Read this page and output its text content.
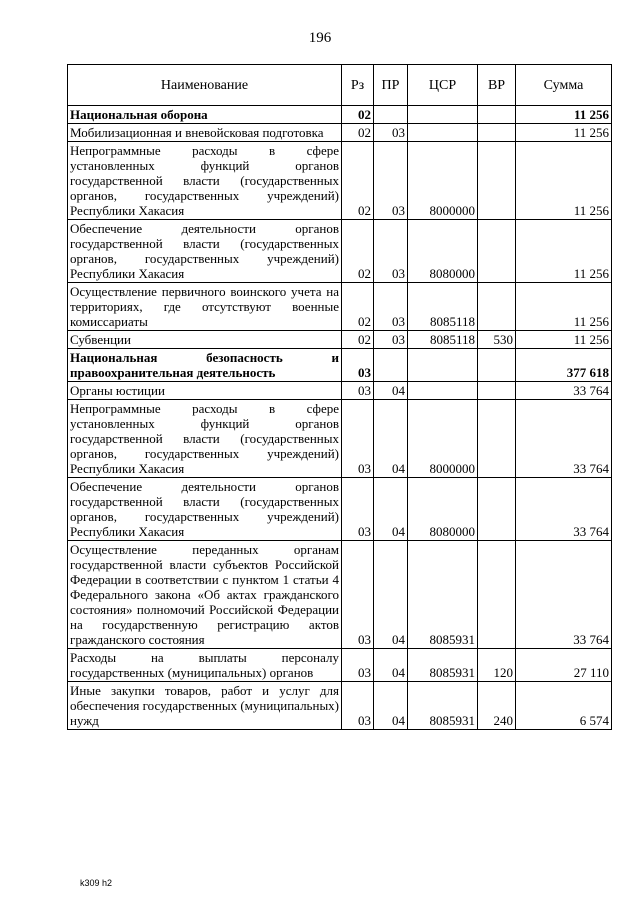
196
Наименование	Рз	ПР	ЦСР	ВР	Сумма
Национальная оборона	02				11 256
Мобилизационная и вневойсковая подготовка	02	03			11 256
Непрограммные расходы в сфере установленных функций органов государственной власти (государственных органов, государственных учреждений) Республики Хакасия	02	03	8000000		11 256
Обеспечение деятельности органов государственной власти (государственных органов, государственных учреждений) Республики Хакасия	02	03	8080000		11 256
Осуществление первичного воинского учета на территориях, где отсутствуют военные комиссариаты	02	03	8085118		11 256
Субвенции	02	03	8085118	530	11 256
Национальная безопасность и правоохранительная деятельность	03				377 618
Органы юстиции	03	04			33 764
Непрограммные расходы в сфере установленных функций органов государственной власти (государственных органов, государственных учреждений) Республики Хакасия	03	04	8000000		33 764
Обеспечение деятельности органов государственной власти (государственных органов, государственных учреждений) Республики Хакасия	03	04	8080000		33 764
Осуществление переданных органам государственной власти субъектов Российской Федерации в соответствии с пунктом 1 статьи 4 Федерального закона «Об актах гражданского состояния» полномочий Российской Федерации на государственную регистрацию актов гражданского состояния	03	04	8085931		33 764
Расходы на выплаты персоналу государственных (муниципальных) органов	03	04	8085931	120	27 110
Иные закупки товаров, работ и услуг для обеспечения государственных (муниципальных) нужд	03	04	8085931	240	6 574
k309 h2
